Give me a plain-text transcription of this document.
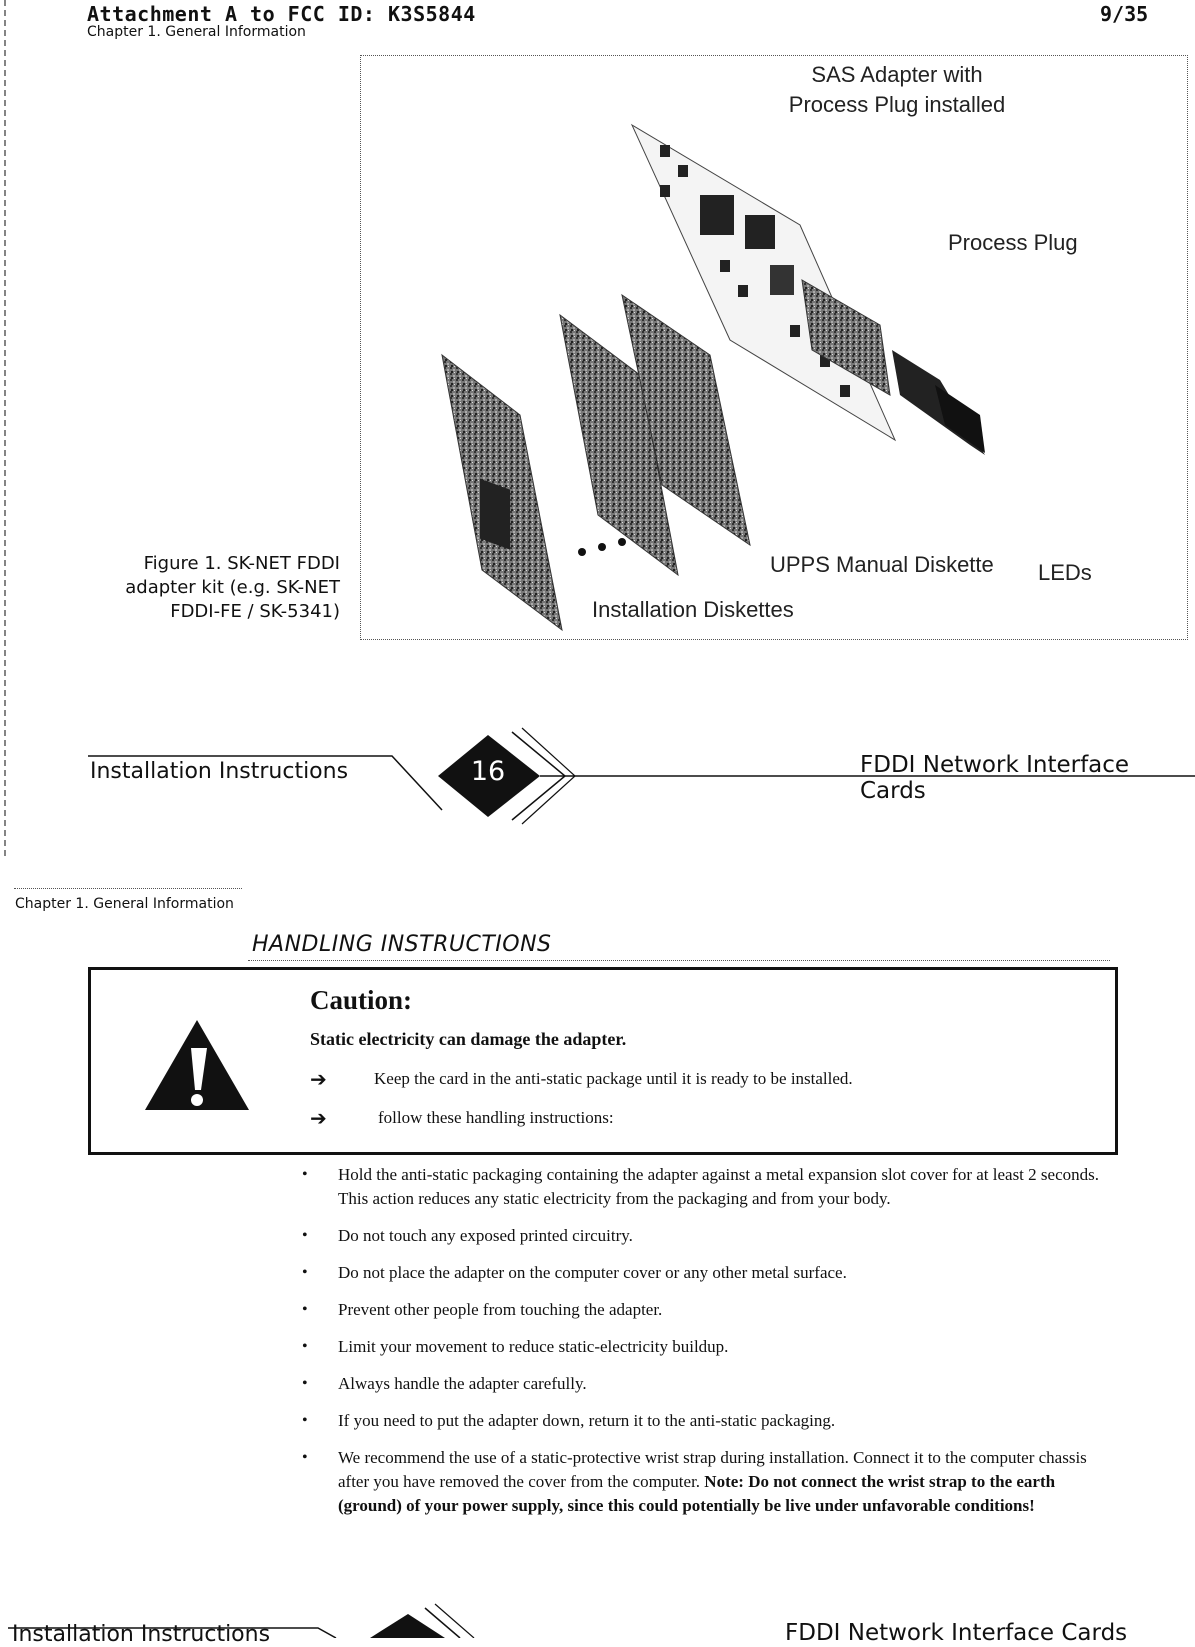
Attachment A to FCC ID: K3S5844	9/35
Chapter 1. General Information
SAS Adapter with
Process Plug installed
Process Plug
UPPS Manual Diskette LEDs
Installation Diskettes
Figure 1. SK-NET FDDI
adapter kit (e.g. SK-NET
FDDI-FE / SK-5341)
16
Installation Instructions	FDDI Network Interface Cards
Chapter 1. General Information
HANDLING INSTRUCTIONS
Caution:
Static electricity can damage the adapter.
➔	Keep the card in the anti-static package until it is ready to be installed.
➔	follow these handling instructions:
• Hold the anti-static packaging containing the adapter against a metal expansion slot cover for at least 2 seconds. This action reduces any static electricity from the packaging and from your body.
• Do not touch any exposed printed circuitry.
• Do not place the adapter on the computer cover or any other metal surface.
• Prevent other people from touching the adapter.
• Limit your movement to reduce static-electricity buildup.
• Always handle the adapter carefully.
• If you need to put the adapter down, return it to the anti-static packaging.
• We recommend the use of a static-protective wrist strap during installation. Connect it to the computer chassis after you have removed the cover from the computer. Note: Do not connect the wrist strap to the earth (ground) of your power supply, since this could potentially be live under unfavorable conditions!
Installation Instructions	FDDI Network Interface Cards
